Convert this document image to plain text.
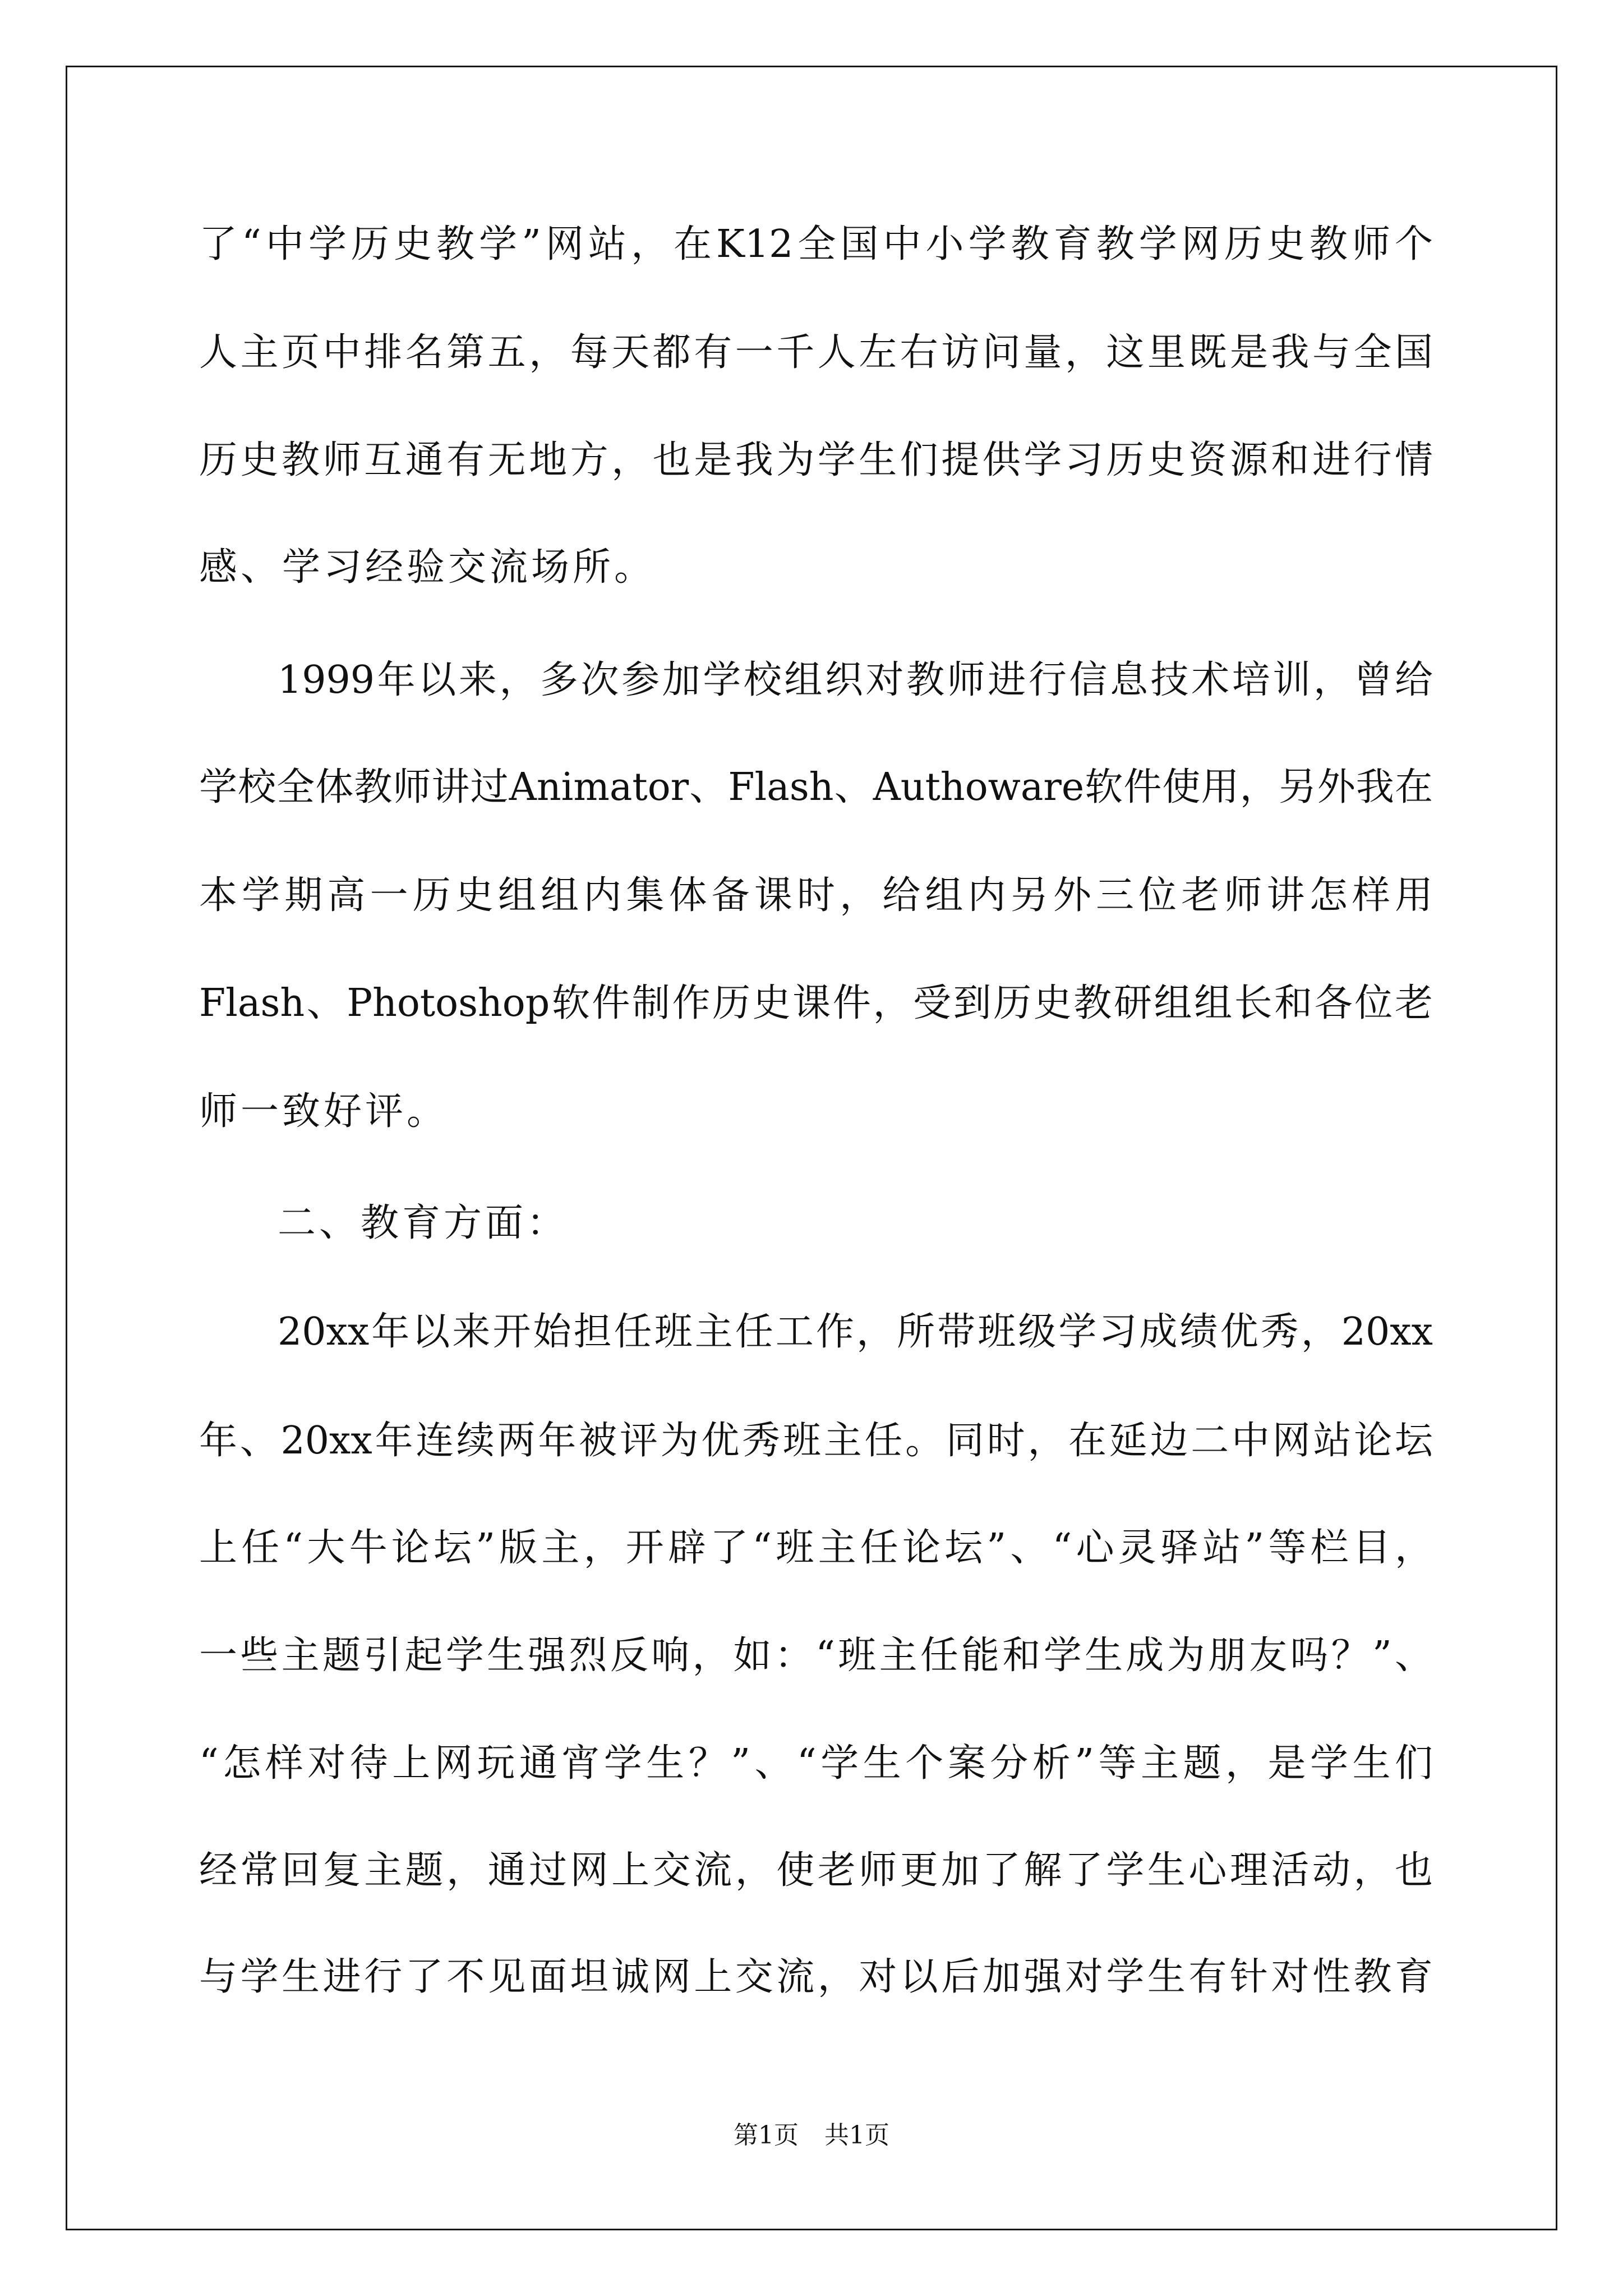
了“中学历史教学”网站，在K12全国中小学教育教学网历史教师个
人主页中排名第五，每天都有一千人左右访问量，这里既是我与全国
历史教师互通有无地方，也是我为学生们提供学习历史资源和进行情
感、学习经验交流场所。
1999年以来，多次参加学校组织对教师进行信息技术培训，曾给
学校全体教师讲过Animator、Flash、Authoware软件使用，另外我在
本学期高一历史组组内集体备课时，给组内另外三位老师讲怎样用
Flash、Photoshop软件制作历史课件，受到历史教研组组长和各位老
师一致好评。
二、教育方面：
20xx年以来开始担任班主任工作，所带班级学习成绩优秀，20xx
年、20xx年连续两年被评为优秀班主任。同时，在延边二中网站论坛
上任“大牛论坛”版主，开辟了“班主任论坛”、“心灵驿站”等栏目，
一些主题引起学生强烈反响，如：“班主任能和学生成为朋友吗？”、
“怎样对待上网玩通宵学生？”、“学生个案分析”等主题，是学生们
经常回复主题，通过网上交流，使老师更加了解了学生心理活动，也
与学生进行了不见面坦诚网上交流，对以后加强对学生有针对性教育
第1页 共1页
